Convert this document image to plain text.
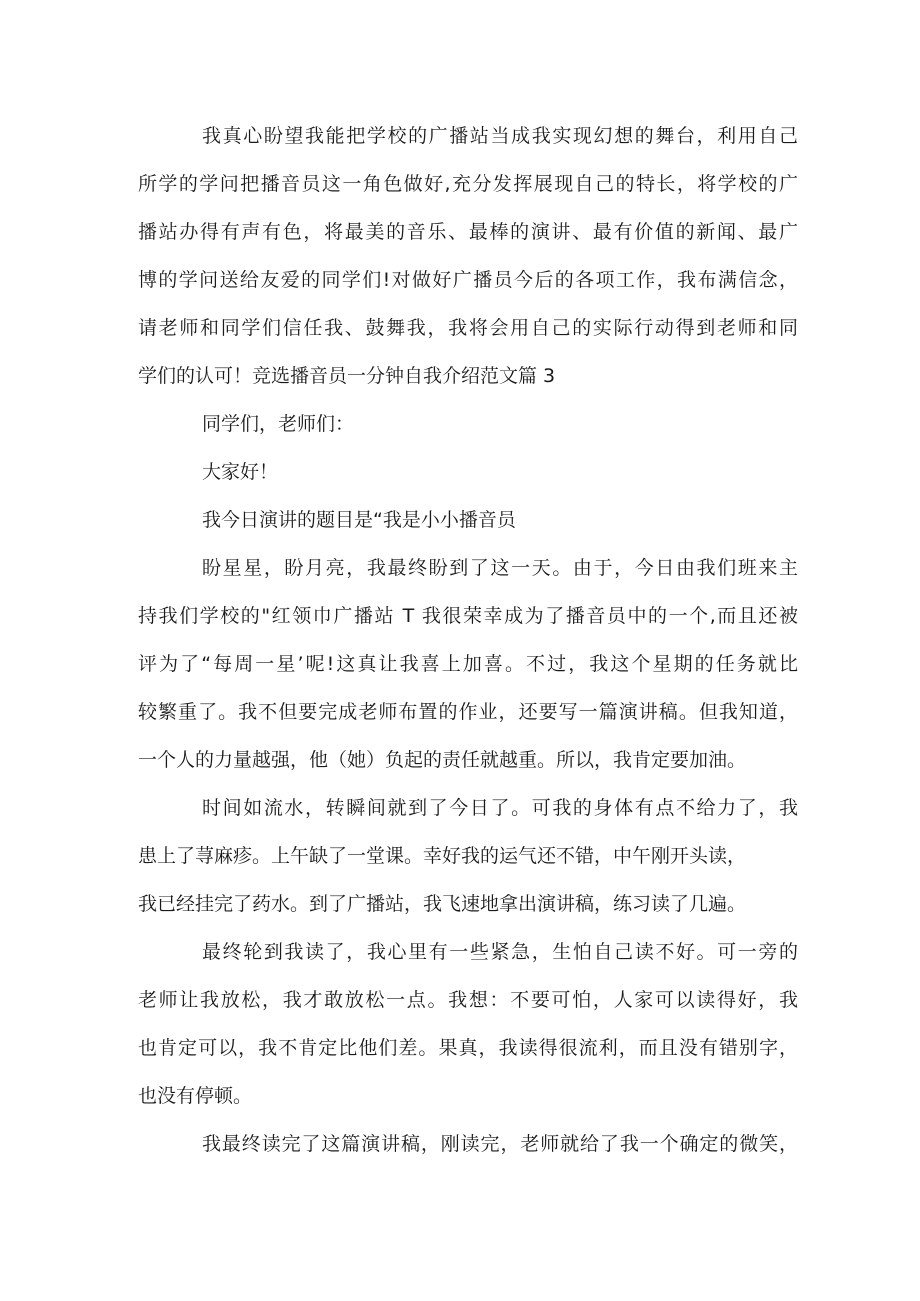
我真心盼望我能把学校的广播站当成我实现幻想的舞台，利用自己
所学的学问把播音员这一角色做好,充分发挥展现自己的特长，将学校的广
播站办得有声有色，将最美的音乐、最棒的演讲、最有价值的新闻、最广
博的学问送给友爱的同学们!对做好广播员今后的各项工作，我布满信念，
请老师和同学们信任我、鼓舞我，我将会用自己的实际行动得到老师和同
学们的认可！竞选播音员一分钟自我介绍范文篇 3
同学们，老师们：
大家好！
我今日演讲的题目是“我是小小播音员
盼星星，盼月亮，我最终盼到了这一天。由于，今日由我们班来主
持我们学校的"红领巾广播站 T 我很荣幸成为了播音员中的一个,而且还被
评为了“每周一星’呢!这真让我喜上加喜。不过，我这个星期的任务就比
较繁重了。我不但要完成老师布置的作业，还要写一篇演讲稿。但我知道，
一个人的力量越强，他（她）负起的责任就越重。所以，我肯定要加油。
时间如流水，转瞬间就到了今日了。可我的身体有点不给力了，我
患上了荨麻疹。上午缺了一堂课。幸好我的运气还不错，中午刚开头读，
我已经挂完了药水。到了广播站，我飞速地拿出演讲稿，练习读了几遍。
最终轮到我读了，我心里有一些紧急，生怕自己读不好。可一旁的
老师让我放松，我才敢放松一点。我想：不要可怕，人家可以读得好，我
也肯定可以，我不肯定比他们差。果真，我读得很流利，而且没有错别字，
也没有停顿。
我最终读完了这篇演讲稿，刚读完，老师就给了我一个确定的微笑，
